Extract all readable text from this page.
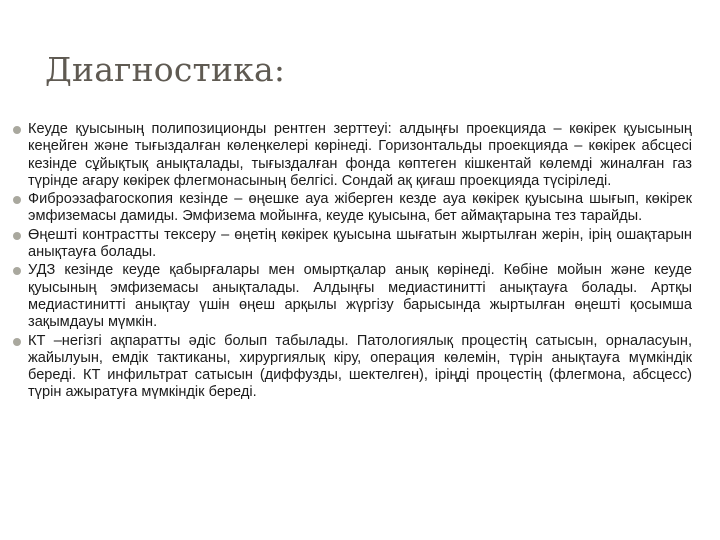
Диагностика:
Кеуде қуысының полипозиционды рентген зерттеуі: алдыңғы проекцияда – көкірек қуысының кеңейген және тығыздалған көлеңкелері көрінеді. Горизонтальды проекцияда – көкірек абсцесі кезінде сұйықтық анықталады, тығыздалған фонда көптеген кішкентай көлемді жиналған газ түрінде ағару көкірек флегмонасының белгісі. Сондай ақ қиғаш проекцияда түсіріледі.
Фиброэзафагоскопия кезінде – өңешке ауа жіберген кезде ауа көкірек қуысына шығып, көкірек эмфиземасы дамиды. Эмфизема мойынға, кеуде қуысына, бет аймақтарына тез тарайды.
Өңешті контрастты тексеру – өңетің көкірек қуысына шығатын жыртылған жерін, ірің ошақтарын анықтауға болады.
УДЗ кезінде кеуде қабырғалары мен омыртқалар анық көрінеді. Көбіне мойын және кеуде қуысының эмфиземасы анықталады. Алдыңғы медиастинитті анықтауға болады. Артқы медиастинитті анықтау үшін өңеш арқылы жүргізу барысында жыртылған өңешті қосымша зақымдауы мүмкін.
КТ –негізгі ақпаратты әдіс болып табылады. Патологиялық процестің сатысын, орналасуын, жайылуын, емдік тактиканы, хирургиялық кіру, операция көлемін, түрін анықтауға мүмкіндік береді. КТ инфильтрат сатысын (диффузды, шектелген), іріңді процестің (флегмона, абсцесс) түрін ажыратуға мүмкіндік береді.
